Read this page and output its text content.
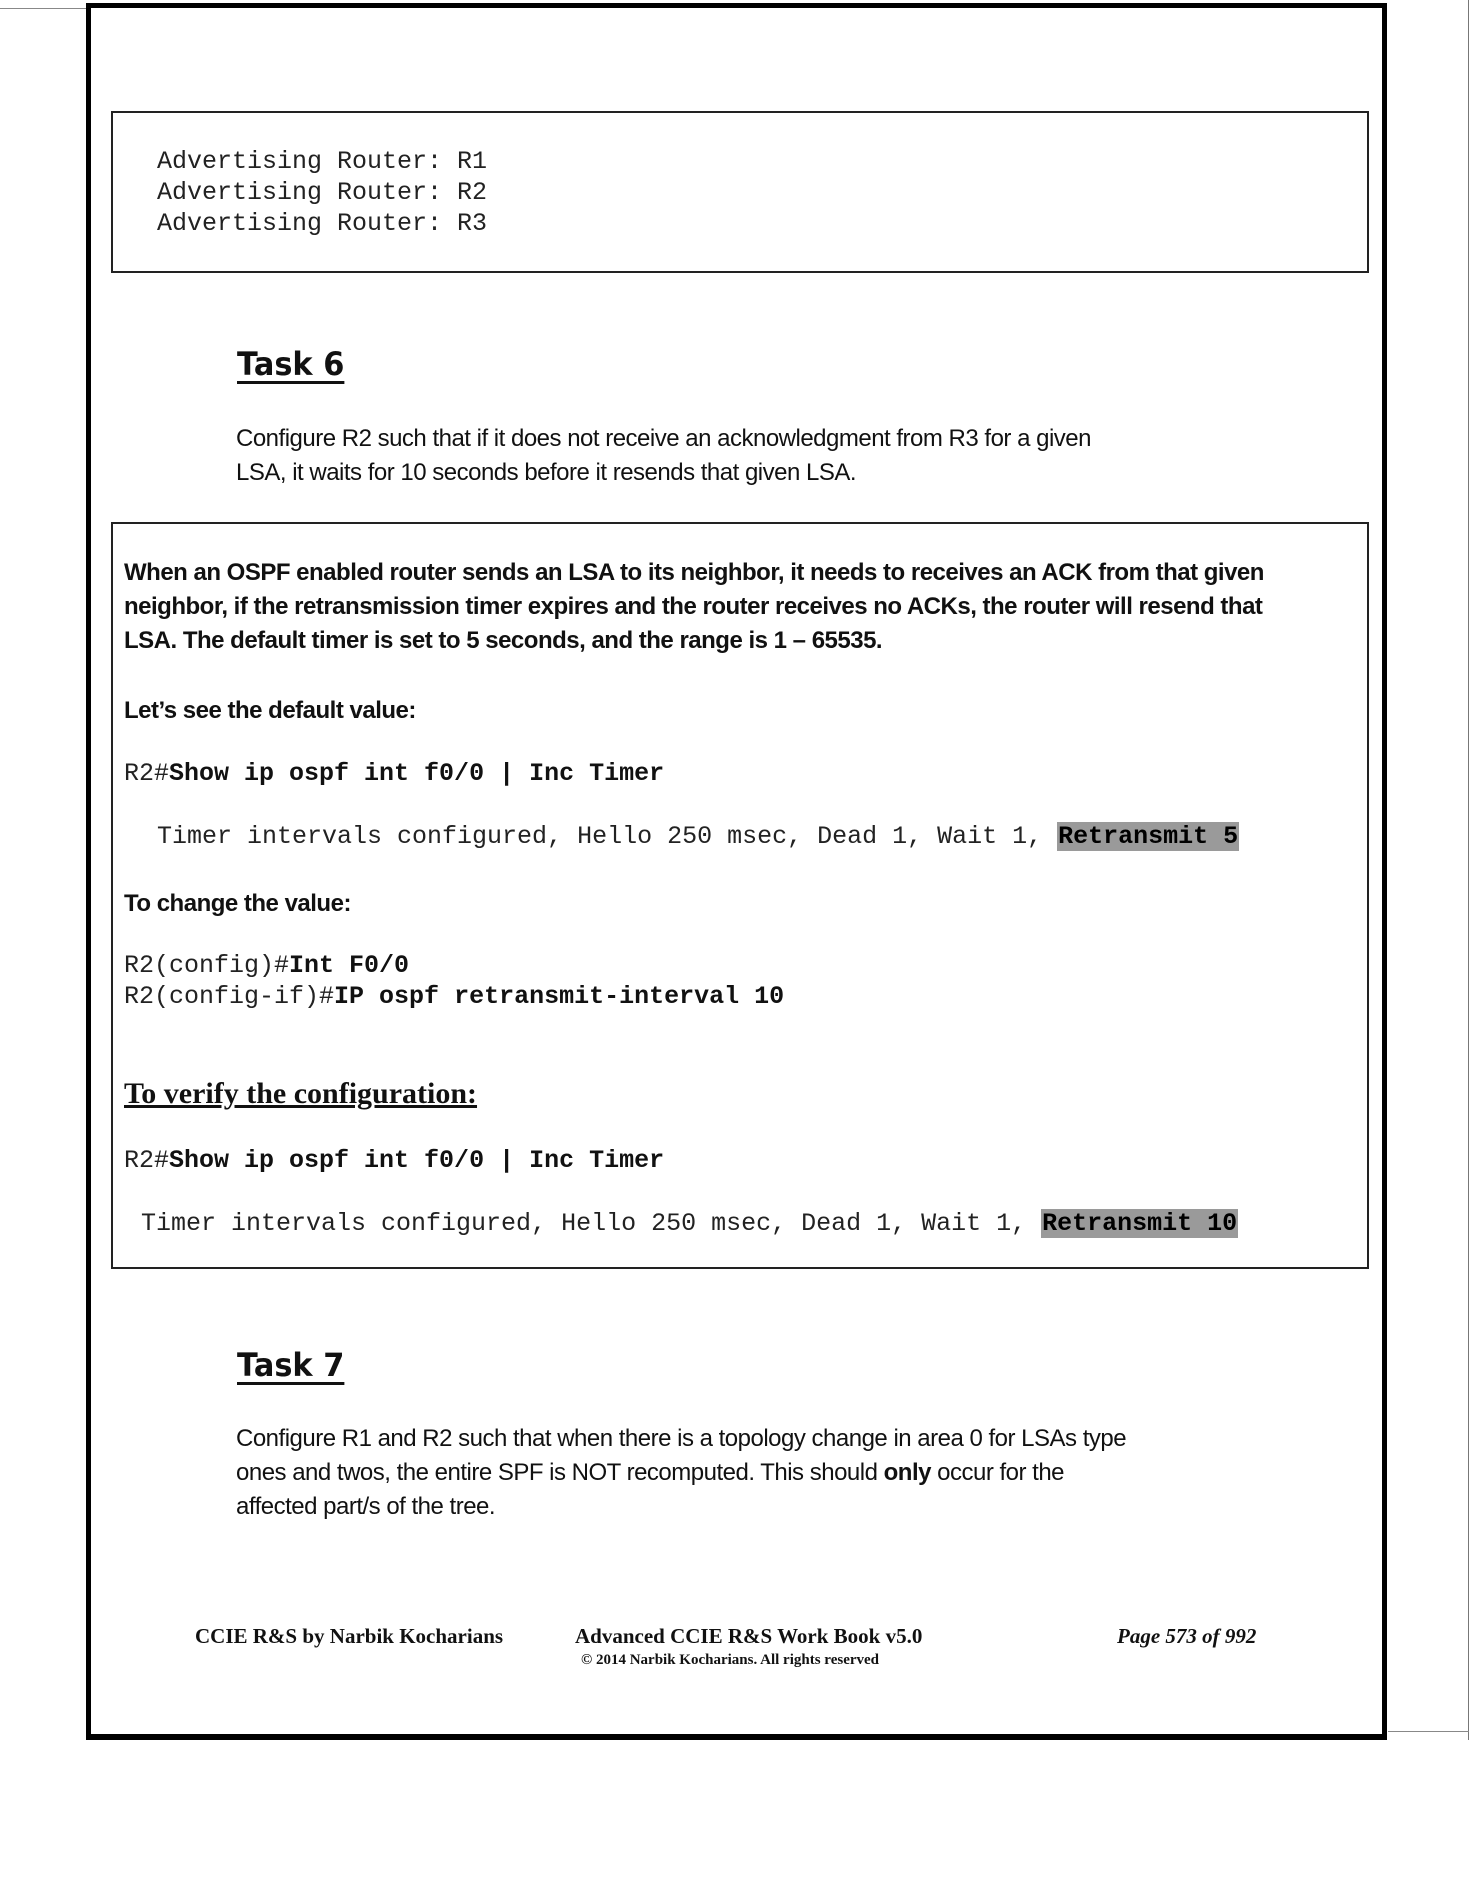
Advertising Router: R1
Advertising Router: R2
Advertising Router: R3
Task 6
Configure R2 such that if it does not receive an acknowledgment from R3 for a given
LSA, it waits for 10 seconds before it resends that given LSA.
When an OSPF enabled router sends an LSA to its neighbor, it needs to receives an ACK from that given
neighbor, if the retransmission timer expires and the router receives no ACKs, the router will resend that
LSA. The default timer is set to 5 seconds, and the range is 1 – 65535.
Let’s see the default value:
R2#Show ip ospf int f0/0 | Inc Timer
Timer intervals configured, Hello 250 msec, Dead 1, Wait 1, Retransmit 5
To change the value:
R2(config)#Int F0/0
R2(config-if)#IP ospf retransmit-interval 10
To verify the configuration:
R2#Show ip ospf int f0/0 | Inc Timer
Timer intervals configured, Hello 250 msec, Dead 1, Wait 1, Retransmit 10
Task 7
Configure R1 and R2 such that when there is a topology change in area 0 for LSAs type
ones and twos, the entire SPF is NOT recomputed. This should only occur for the
affected part/s of the tree.
CCIE R&S by Narbik Kocharians	Advanced CCIE R&S Work Book v5.0
© 2014 Narbik Kocharians. All rights reserved
Page 573 of 992
